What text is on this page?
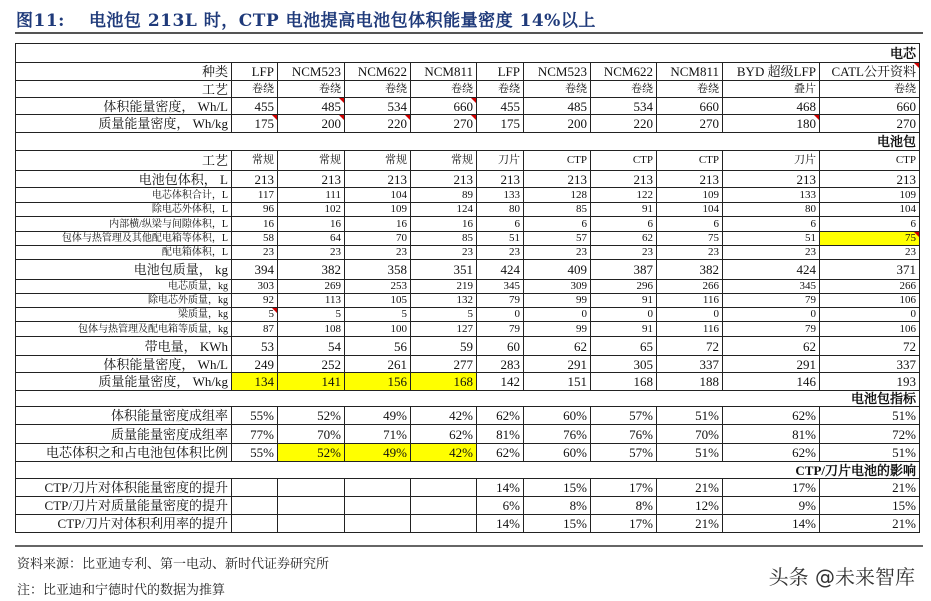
图11: 电池包 213L 时，CTP 电池提高电池包体积能量密度 14%以上
电芯										
种类	LFP	NCM523	NCM622	NCM811	LFP	NCM523	NCM622	NCM811	BYD 超级LFP	CATL公开资料
工艺	卷绕	卷绕	卷绕	卷绕	卷绕	卷绕	卷绕	卷绕	叠片	卷绕
体积能量密度， Wh/L	455	485	534	660	455	485	534	660	468	660
质量能量密度， Wh/kg	175	200	220	270	175	200	220	270	180	270
电池包										
工艺	常规	常规	常规	常规	刀片	CTP	CTP	CTP	刀片	CTP
电池包体积， L	213	213	213	213	213	213	213	213	213	213
电芯体积合计，L	117	111	104	89	133	128	122	109	133	109
除电芯外体积，L	96	102	109	124	80	85	91	104	80	104
内部横/纵梁与间隙体积，L	16	16	16	16	6	6	6	6	6	6
包体与热管理及其他配电箱等体积，L	58	64	70	85	51	57	62	75	51	75
配电箱体积，L	23	23	23	23	23	23	23	23	23	23
电池包质量， kg	394	382	358	351	424	409	387	382	424	371
电芯质量，kg	303	269	253	219	345	309	296	266	345	266
除电芯外质量，kg	92	113	105	132	79	99	91	116	79	106
梁质量，kg	5	5	5	5	0	0	0	0	0	0
包体与热管理及配电箱等质量，kg	87	108	100	127	79	99	91	116	79	106
带电量， KWh	53	54	56	59	60	62	65	72	62	72
体积能量密度， Wh/L	249	252	261	277	283	291	305	337	291	337
质量能量密度， Wh/kg	134	141	156	168	142	151	168	188	146	193
电池包指标										
体积能量密度成组率	55%	52%	49%	42%	62%	60%	57%	51%	62%	51%
质量能量密度成组率	77%	70%	71%	62%	81%	76%	76%	70%	81%	72%
电芯体积之和占电池包体积比例	55%	52%	49%	42%	62%	60%	57%	51%	62%	51%
CTP/刀片电池的影响										
CTP/刀片对体积能量密度的提升					14%	15%	17%	21%	17%	21%
CTP/刀片对质量能量密度的提升					6%	8%	8%	12%	9%	15%
CTP/刀片对体积利用率的提升					14%	15%	17%	21%	14%	21%
资料来源：比亚迪专利、第一电动、新时代证券研究所
注：比亚迪和宁德时代的数据为推算
头条 @未来智库
